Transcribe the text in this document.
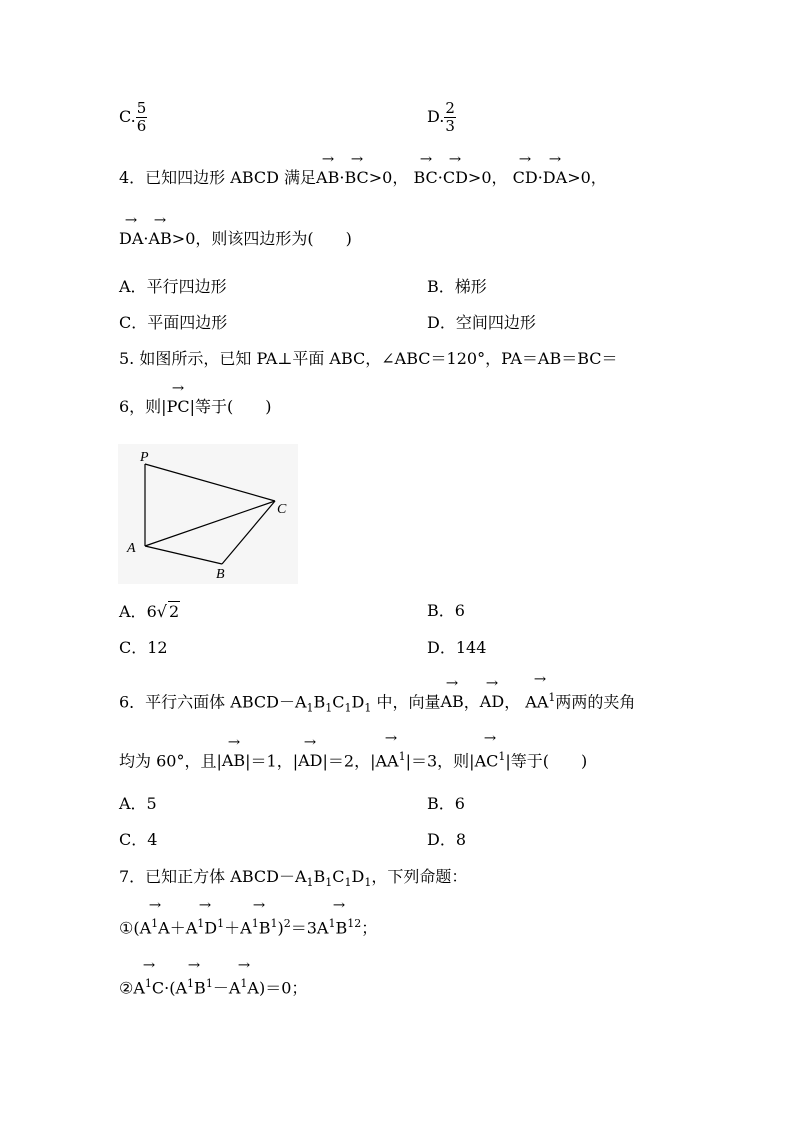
C. $\frac{5}{6}$	D. $\frac{2}{3}$
4．已知四边形 ABCD 满足→ AB·→ BC>0， → BC·→ CD>0， → CD·→ DA>0，
→ DA·→ AB>0，则该四边形为(　　)
A．平行四边形	B．梯形
C．平面四边形	D．空间四边形
5. 如图所示，已知 PA⊥平面 ABC，∠ABC＝120°，PA＝AB＝BC＝
6，则|→ PC|等于(　　)
P
C
A
B
A．6√ 2	B．6
C．12	D．144
6．平行六面体 $ABCD-A_1B_1C_1D_1$ 中，向量→ AB，→ AD， → $AA^1$两两的夹角
均为 60°，且|→ AB|＝1，|→ AD|＝2，|→ $AA^1|=3$，则|→ $AC^1|$等于(　　)
A．5	B．6
C．4	D．8
7．已知正方体 $ABCD-A_1B_1C_1D_1$，下列命题：
①(→ $A^1A+\to A^1D^1+\to A^1B^1)^2=3\to A^1B^{12}$；
②→ $A^1C\cdot(\to A^1B^1-\to A^1A)=0$；
